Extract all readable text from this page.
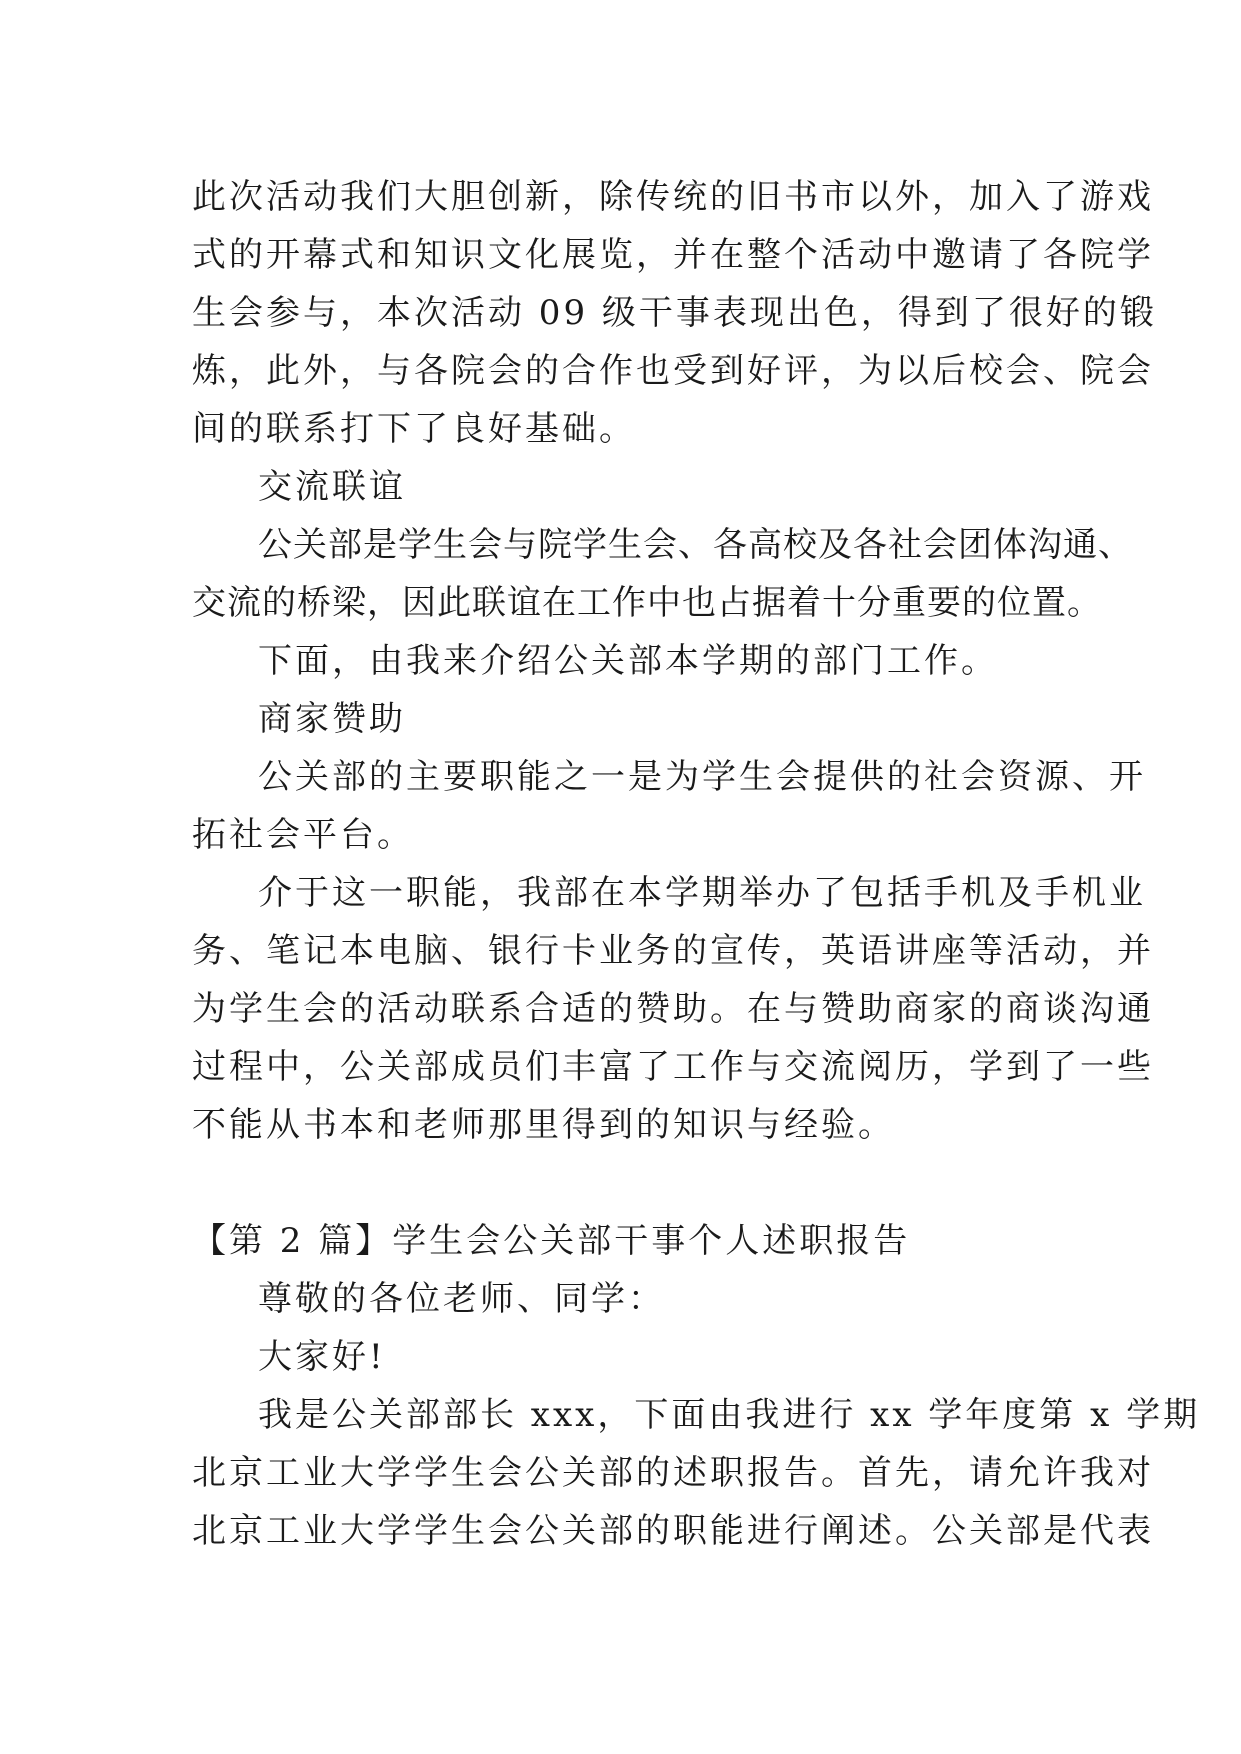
此次活动我们大胆创新，除传统的旧书市以外，加入了游戏
式的开幕式和知识文化展览，并在整个活动中邀请了各院学
生会参与，本次活动 09 级干事表现出色，得到了很好的锻
炼，此外，与各院会的合作也受到好评，为以后校会、院会
间的联系打下了良好基础。
交流联谊
公关部是学生会与院学生会、各高校及各社会团体沟通、
交流的桥梁，因此联谊在工作中也占据着十分重要的位置。
下面，由我来介绍公关部本学期的部门工作。
商家赞助
公关部的主要职能之一是为学生会提供的社会资源、开
拓社会平台。
介于这一职能，我部在本学期举办了包括手机及手机业
务、笔记本电脑、银行卡业务的宣传，英语讲座等活动，并
为学生会的活动联系合适的赞助。在与赞助商家的商谈沟通
过程中，公关部成员们丰富了工作与交流阅历，学到了一些
不能从书本和老师那里得到的知识与经验。
【第 2 篇】学生会公关部干事个人述职报告
尊敬的各位老师、同学：
大家好!
我是公关部部长 xxx，下面由我进行 xx 学年度第 x 学期
北京工业大学学生会公关部的述职报告。首先，请允许我对
北京工业大学学生会公关部的职能进行阐述。公关部是代表
